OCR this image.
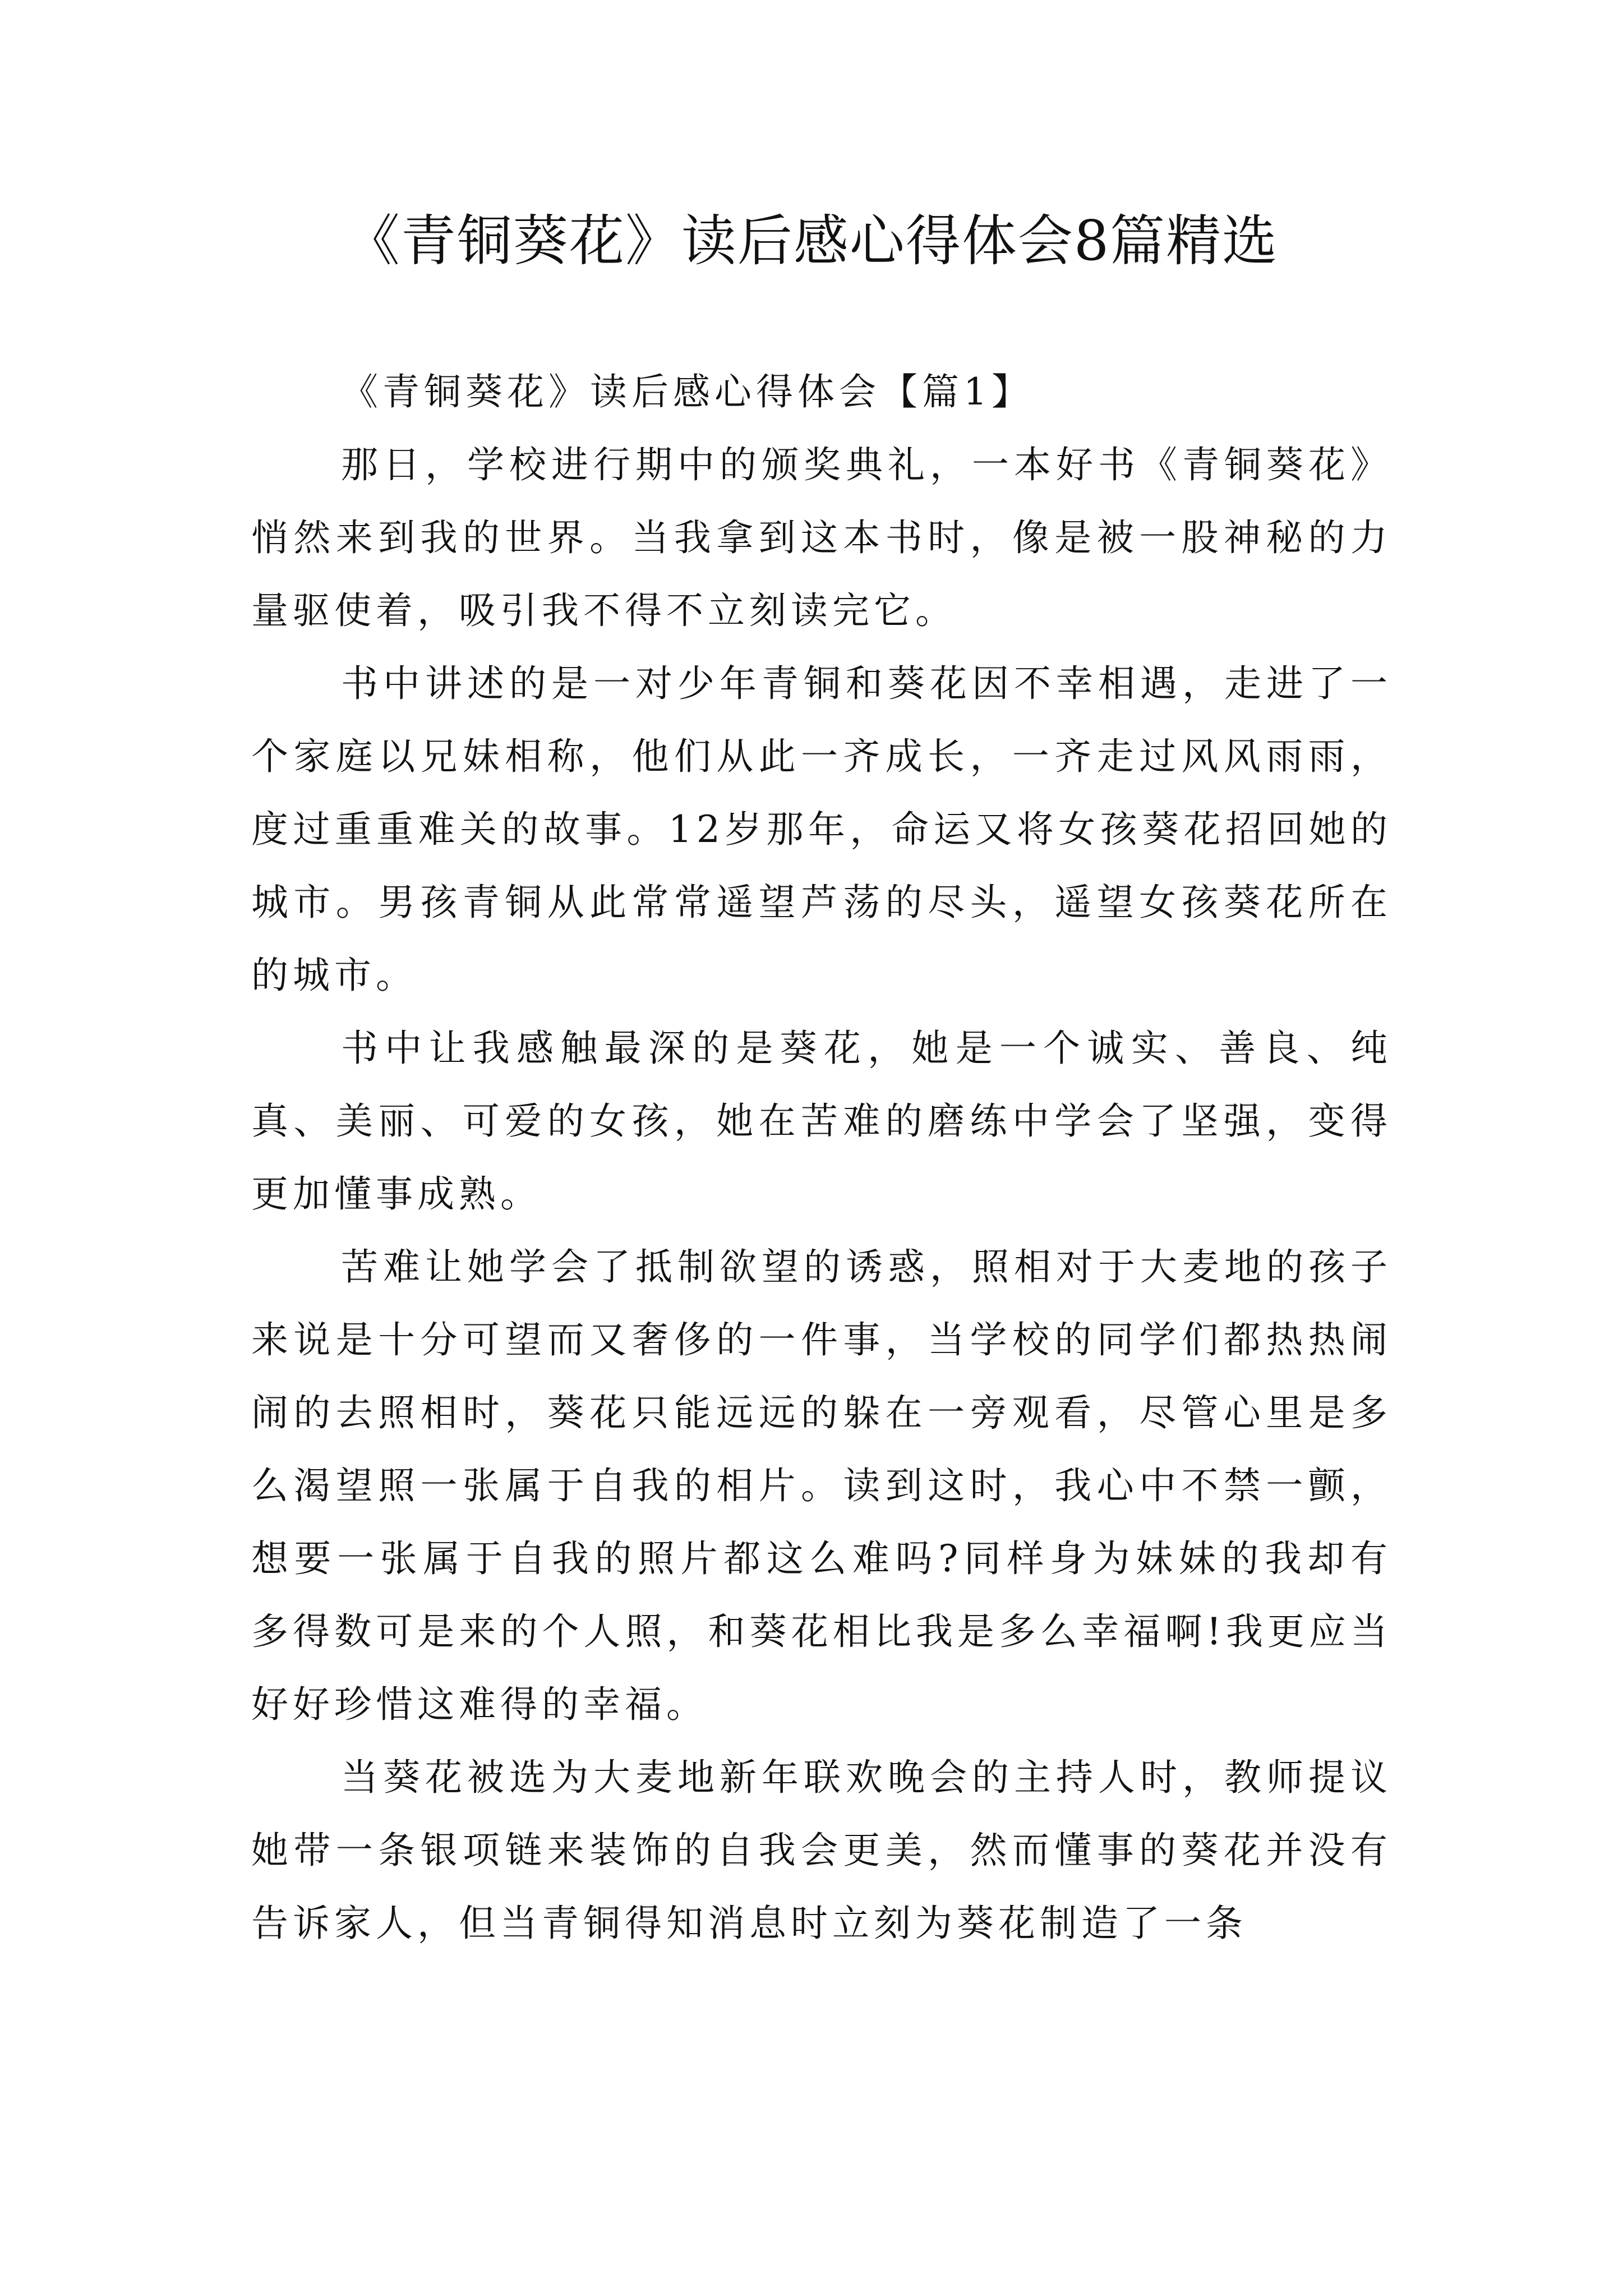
《青铜葵花》读后感心得体会8篇精选
《青铜葵花》读后感心得体会【篇1】

那日，学校进行期中的颁奖典礼，一本好书《青铜葵花》悄然来到我的世界。当我拿到这本书时，像是被一股神秘的力量驱使着，吸引我不得不立刻读完它。

书中讲述的是一对少年青铜和葵花因不幸相遇，走进了一个家庭以兄妹相称，他们从此一齐成长，一齐走过风风雨雨，度过重重难关的故事。12岁那年，命运又将女孩葵花招回她的城市。男孩青铜从此常常遥望芦荡的尽头，遥望女孩葵花所在的城市。

书中让我感触最深的是葵花，她是一个诚实、善良、纯真、美丽、可爱的女孩，她在苦难的磨练中学会了坚强，变得更加懂事成熟。

苦难让她学会了抵制欲望的诱惑，照相对于大麦地的孩子来说是十分可望而又奢侈的一件事，当学校的同学们都热热闹闹的去照相时，葵花只能远远的躲在一旁观看，尽管心里是多么渴望照一张属于自我的相片。读到这时，我心中不禁一颤，想要一张属于自我的照片都这么难吗?同样身为妹妹的我却有多得数可是来的个人照，和葵花相比我是多么幸福啊!我更应当好好珍惜这难得的幸福。

当葵花被选为大麦地新年联欢晚会的主持人时，教师提议她带一条银项链来装饰的自我会更美，然而懂事的葵花并没有告诉家人，但当青铜得知消息时立刻为葵花制造了一条
